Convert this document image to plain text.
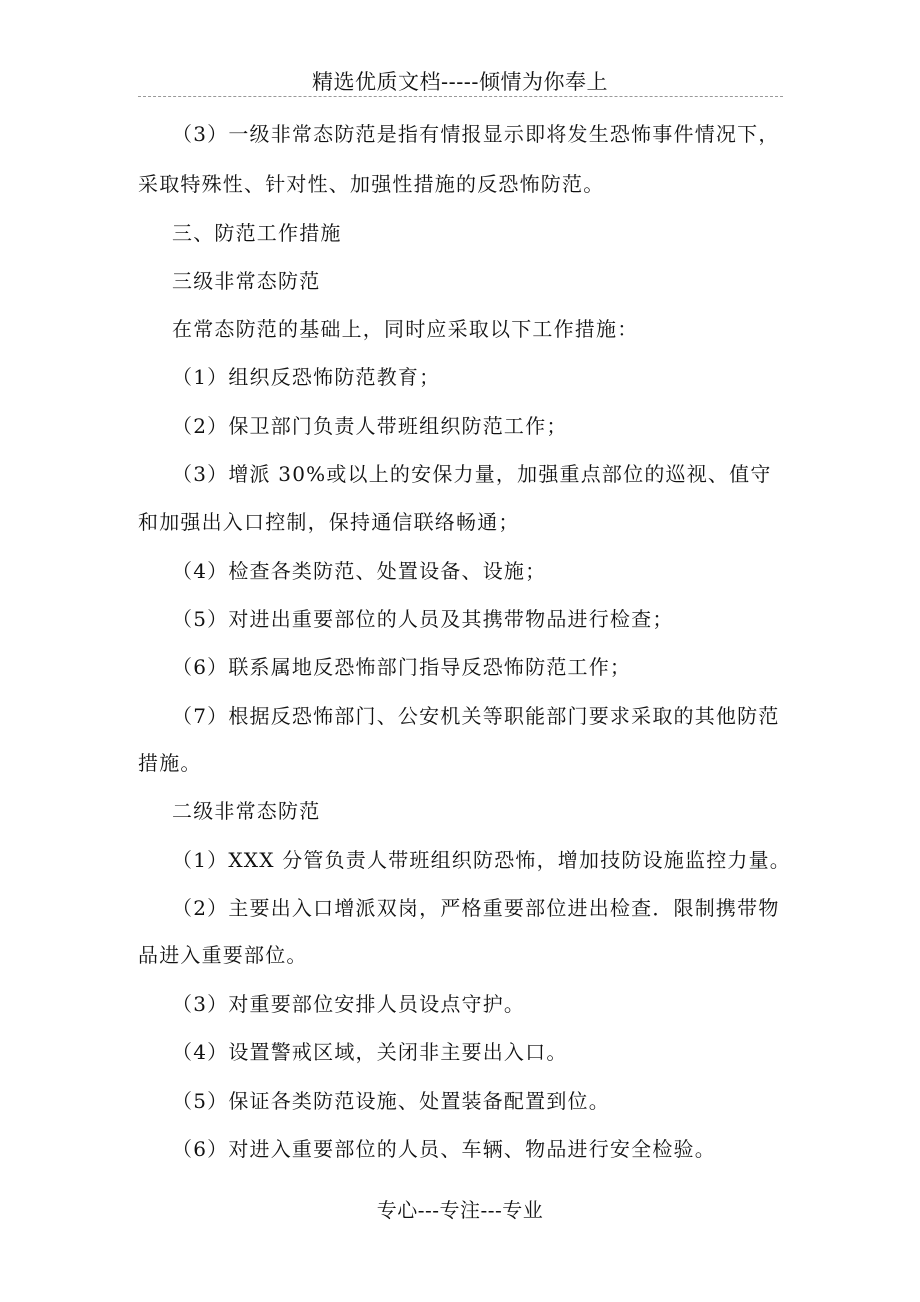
精选优质文档-----倾情为你奉上
（3）一级非常态防范是指有情报显示即将发生恐怖事件情况下，
采取特殊性、针对性、加强性措施的反恐怖防范。
三、防范工作措施
三级非常态防范
在常态防范的基础上，同时应采取以下工作措施：
（1）组织反恐怖防范教育；
（2）保卫部门负责人带班组织防范工作；
（3）增派 30%或以上的安保力量，加强重点部位的巡视、值守
和加强出入口控制，保持通信联络畅通；
（4）检查各类防范、处置设备、设施；
（5）对进出重要部位的人员及其携带物品进行检查；
（6）联系属地反恐怖部门指导反恐怖防范工作；
（7）根据反恐怖部门、公安机关等职能部门要求采取的其他防范
措施。
二级非常态防范
（1）XXX 分管负责人带班组织防恐怖，增加技防设施监控力量。
（2）主要出入口增派双岗，严格重要部位进出检查．限制携带物
品进入重要部位。
（3）对重要部位安排人员设点守护。
（4）设置警戒区域，关闭非主要出入口。
（5）保证各类防范设施、处置装备配置到位。
（6）对进入重要部位的人员、车辆、物品进行安全检验。
专心---专注---专业
